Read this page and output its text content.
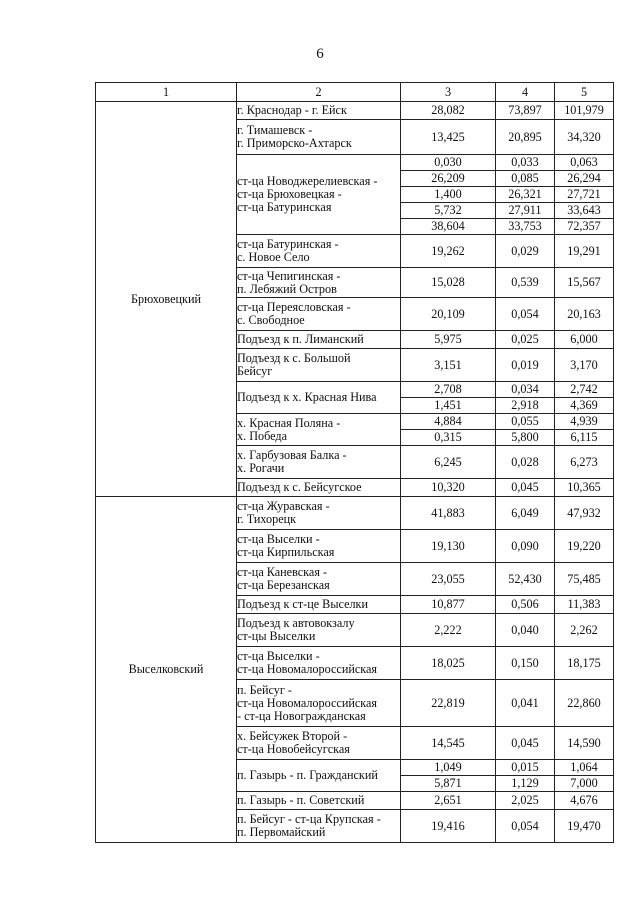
6
1	2	3	4	5
Брюховецкий	г. Краснодар - г. Ейск	28,082	73,897	101,979

	г. Тимашевск -
г. Приморско-Ахтарск	13,425	20,895	34,320

	ст-ца Новоджерелиевская -
ст-ца Брюховецкая -
ст-ца Батуринская	0,030	0,033	0,063
		26,209	0,085	26,294
		1,400	26,321	27,721
		5,732	27,911	33,643
		38,604	33,753	72,357

	ст-ца Батуринская -
с. Новое Село	19,262	0,029	19,291

	ст-ца Чепигинская -
п. Лебяжий Остров	15,028	0,539	15,567

	ст-ца Переясловская -
с. Свободное	20,109	0,054	20,163

	Подъезд к п. Лиманский	5,975	0,025	6,000

	Подъезд к с. Большой
Бейсуг	3,151	0,019	3,170

	Подъезд к х. Красная Нива	2,708	0,034	2,742
		1,451	2,918	4,369

	х. Красная Поляна -
х. Победа	4,884	0,055	4,939
		0,315	5,800	6,115

	х. Гарбузовая Балка -
х. Рогачи	6,245	0,028	6,273

	Подъезд к с. Бейсугское	10,320	0,045	10,365
Выселковский	ст-ца Журавская -
г. Тихорецк	41,883	6,049	47,932

	ст-ца Выселки -
ст-ца Кирпильская	19,130	0,090	19,220

	ст-ца Каневская -
ст-ца Березанская	23,055	52,430	75,485

	Подъезд к ст-це Выселки	10,877	0,506	11,383

	Подъезд к автовокзалу
ст-цы Выселки	2,222	0,040	2,262

	ст-ца Выселки -
ст-ца Новомалороссийская	18,025	0,150	18,175

	п. Бейсуг -
ст-ца Новомалороссийская
- ст-ца Новогражданская	22,819	0,041	22,860

	х. Бейсужек Второй -
ст-ца Новобейсугская	14,545	0,045	14,590

	п. Газырь - п. Гражданский	1,049	0,015	1,064
		5,871	1,129	7,000

	п. Газырь - п. Советский	2,651	2,025	4,676

	п. Бейсуг - ст-ца Крупская -
п. Первомайский	19,416	0,054	19,470
